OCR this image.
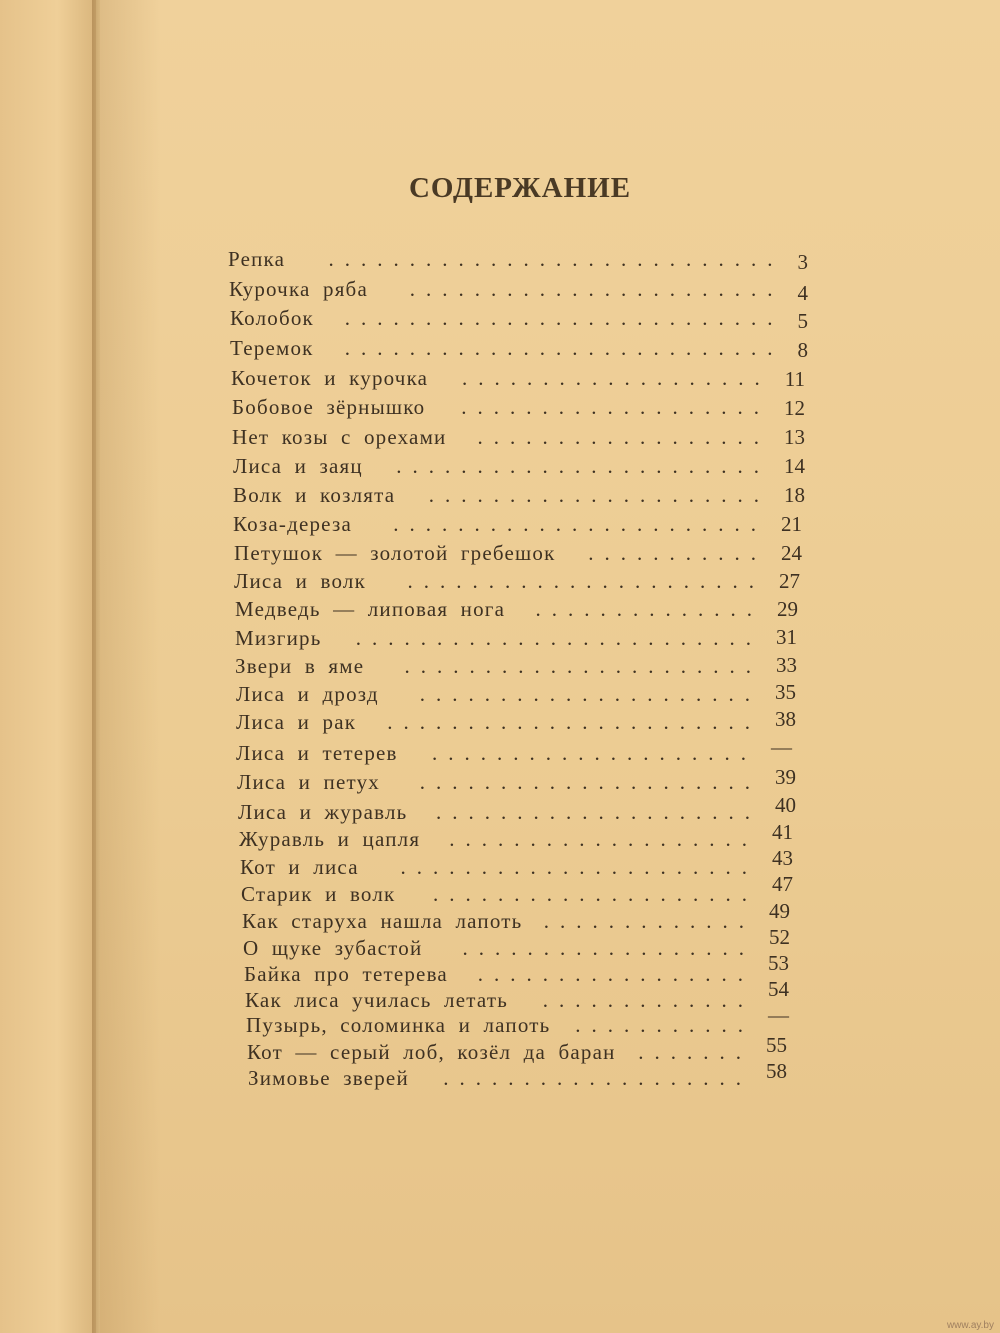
СОДЕРЖАНИЕ
Репка	3
............................
Курочка ряба	4
.......................
Колобок	5
...........................
Теремок	8
...........................
Кочеток и курочка	11
...................
Бобовое зёрнышко	12
...................
Нет козы с орехами	13
..................
Лиса и заяц	14
.......................
Волк и козлята	18
.....................
Коза-дереза	21
.......................
Петушок — золотой гребешок	24
...........
Лиса и волк	27
......................
Медведь — липовая нога	29
..............
Мизгирь	31
.........................
Звери в яме	33
......................
Лиса и дрозд	35
.....................
Лиса и рак	38
.......................
Лиса и тетерев	—
....................
Лиса и петух	39
.....................
Лиса и журавль	40
....................
Журавль и цапля	41
...................
Кот и лиса	43
......................
Старик и волк	47
....................
Как старуха нашла лапоть	49
.............
О щуке зубастой	52
..................
Байка про тетерева	53
.................
Как лиса училась летать	54
.............
Пузырь, соломинка и лапоть	—
...........
Кот — серый лоб, козёл да баран	55
.......
Зимовье зверей	58
...................
www.ay.by
